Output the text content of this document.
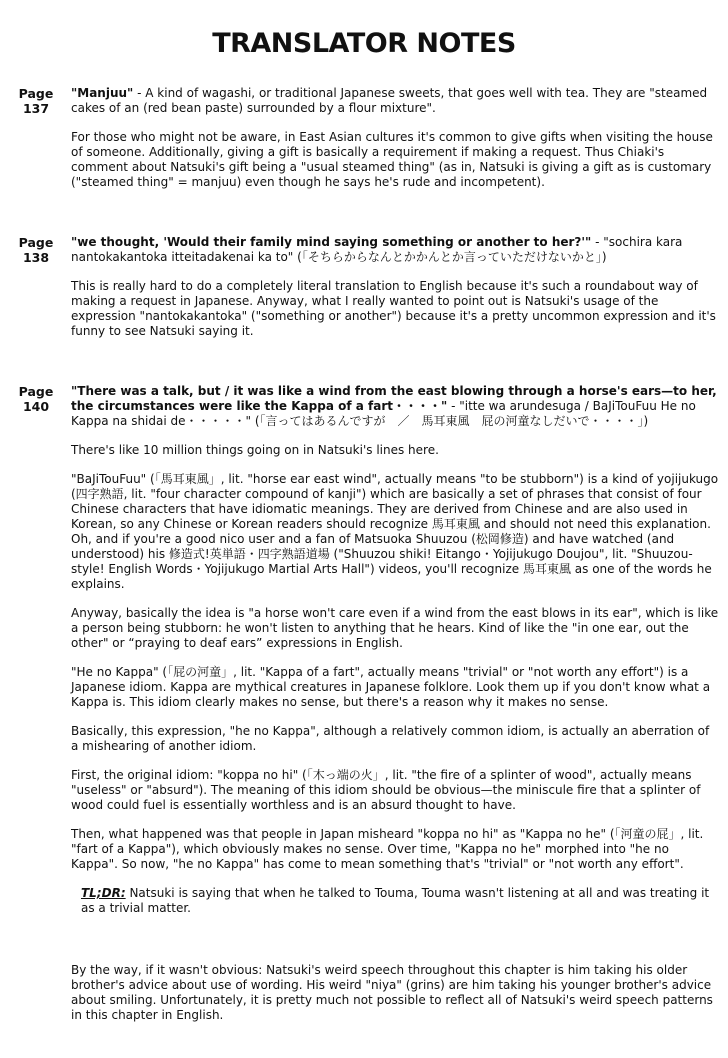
TRANSLATOR NOTES
Page
137

"Manjuu" - A kind of wagashi, or traditional Japanese sweets, that goes well with tea. They are "steamed cakes of an (red bean paste) surrounded by a flour mixture".

For those who might not be aware, in East Asian cultures it's common to give gifts when visiting the house of someone. Additionally, giving a gift is basically a requirement if making a request. Thus Chiaki's comment about Natsuki's gift being a "usual steamed thing" (as in, Natsuki is giving a gift as is customary ("steamed thing" = manjuu) even though he says he's rude and incompetent).

Page
138

"we thought, 'Would their family mind saying something or another to her?'" - "sochira kara nantokakantoka itteitadakenai ka to" (「そちらからなんとかかんとか言っていただけないかと」)

This is really hard to do a completely literal translation to English because it's such a roundabout way of making a request in Japanese. Anyway, what I really wanted to point out is Natsuki's usage of the expression "nantokakantoka" ("something or another") because it's a pretty uncommon expression and it's funny to see Natsuki saying it.

Page
140

"There was a talk, but / it was like a wind from the east blowing through a horse's ears—to her, the circumstances were like the Kappa of a fart・・・・" - "itte wa arundesuga / BaJiTouFuu He no Kappa na shidai de・・・・・" (「言ってはあるんですが　／　馬耳東風　屁の河童なしだいで・・・・」)

There's like 10 million things going on in Natsuki's lines here.

"BaJiTouFuu" (「馬耳東風」, lit. "horse ear east wind", actually means "to be stubborn") is a kind of yojijukugo (四字熟語, lit. "four character compound of kanji") which are basically a set of phrases that consist of four Chinese characters that have idiomatic meanings. They are derived from Chinese and are also used in Korean, so any Chinese or Korean readers should recognize 馬耳東風 and should not need this explanation. Oh, and if you're a good nico user and a fan of Matsuoka Shuuzou (松岡修造) and have watched (and understood) his 修造式!英単語・四字熟語道場 ("Shuuzou shiki! Eitango・Yojijukugo Doujou", lit. "Shuuzou-style! English Words・Yojijukugo Martial Arts Hall") videos, you'll recognize 馬耳東風 as one of the words he explains.

Anyway, basically the idea is "a horse won't care even if a wind from the east blows in its ear", which is like a person being stubborn: he won't listen to anything that he hears. Kind of like the "in one ear, out the other" or “praying to deaf ears” expressions in English.

"He no Kappa" (「屁の河童」, lit. "Kappa of a fart", actually means "trivial" or "not worth any effort") is a Japanese idiom. Kappa are mythical creatures in Japanese folklore. Look them up if you don't know what a Kappa is. This idiom clearly makes no sense, but there's a reason why it makes no sense.

Basically, this expression, "he no Kappa", although a relatively common idiom, is actually an aberration of a mishearing of another idiom.

First, the original idiom: "koppa no hi" (「木っ端の火」, lit. "the fire of a splinter of wood", actually means "useless" or "absurd"). The meaning of this idiom should be obvious—the miniscule fire that a splinter of wood could fuel is essentially worthless and is an absurd thought to have.

Then, what happened was that people in Japan misheard "koppa no hi" as "Kappa no he" (「河童の屁」, lit. "fart of a Kappa"), which obviously makes no sense. Over time, "Kappa no he" morphed into "he no Kappa". So now, "he no Kappa" has come to mean something that's "trivial" or "not worth any effort".

TL;DR: Natsuki is saying that when he talked to Touma, Touma wasn't listening at all and was treating it as a trivial matter.

By the way, if it wasn't obvious: Natsuki's weird speech throughout this chapter is him taking his older brother's advice about use of wording. His weird "niya" (grins) are him taking his younger brother's advice about smiling. Unfortunately, it is pretty much not possible to reflect all of Natsuki's weird speech patterns in this chapter in English.
